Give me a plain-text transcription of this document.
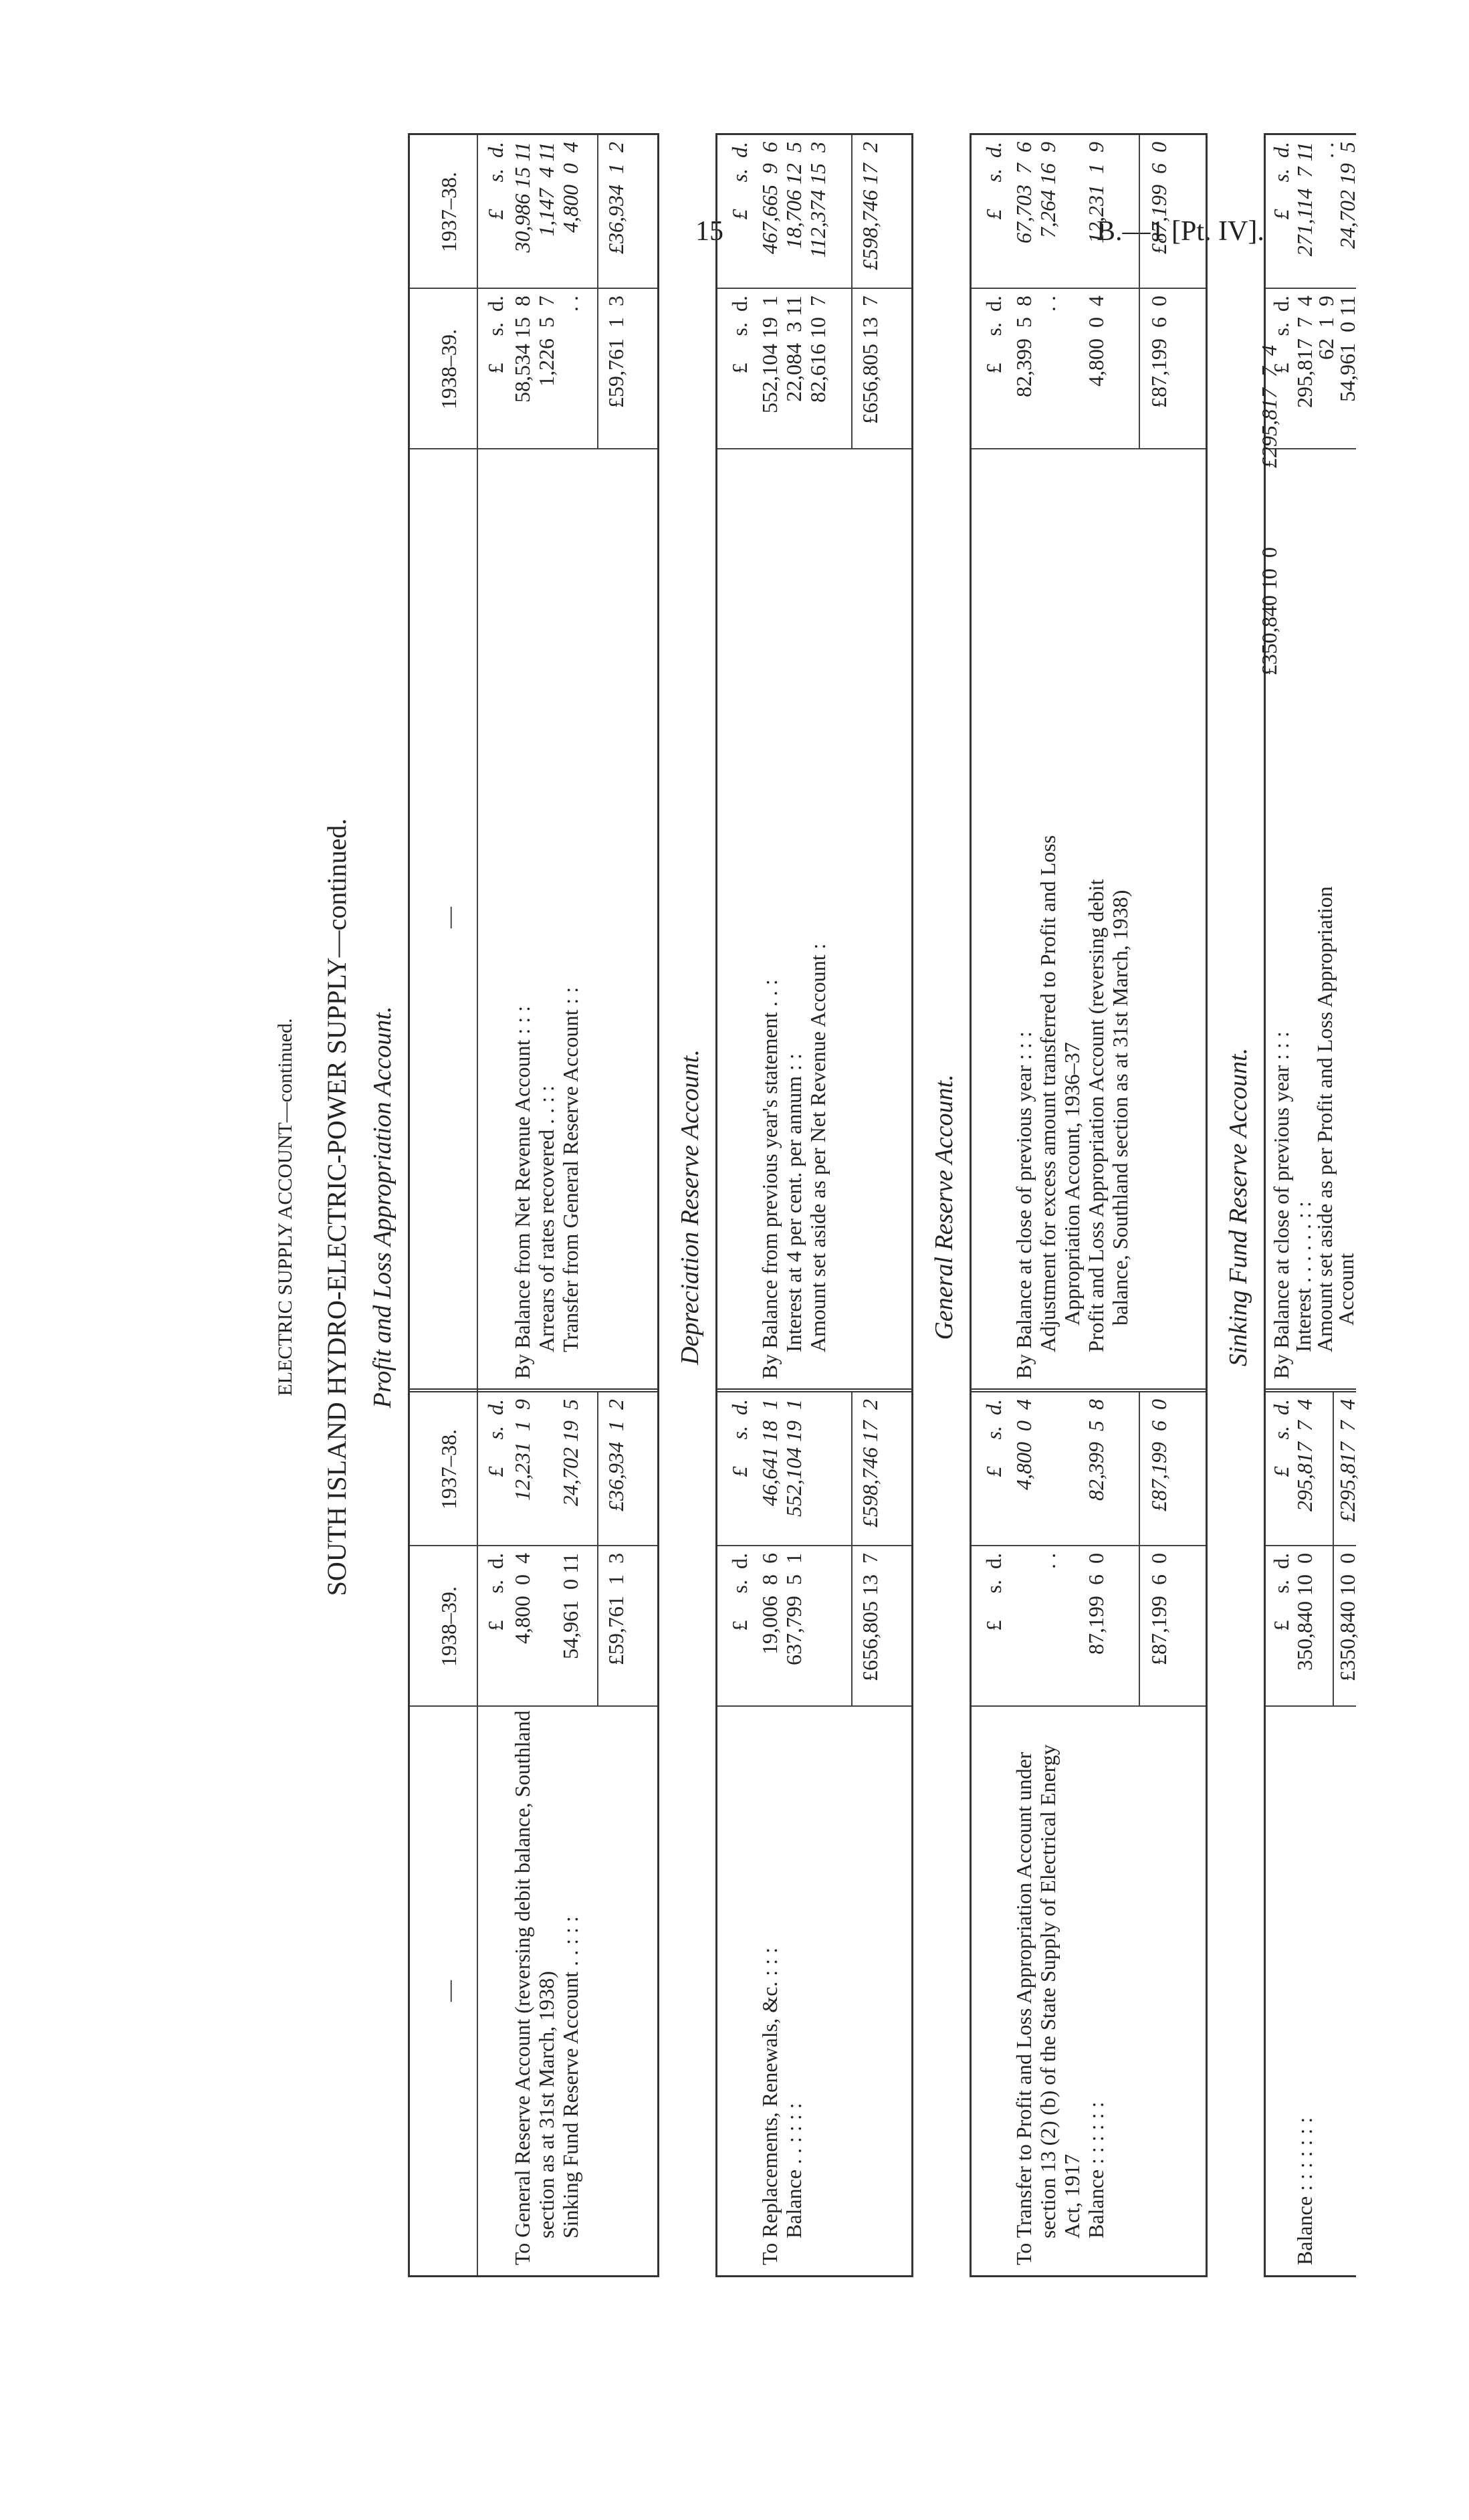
15	B.—1 [Pt. IV].
ELECTRIC SUPPLY ACCOUNT—continued. SOUTH ISLAND HYDRO-ELECTRIC-POWER SUPPLY—continued. Profit and Loss Appropriation Account.
—
1938–39.
1937–38.
—
1938–39.
1937–38.
£     s.  d.
£     s.  d.
£     s.  d.
£     s.  d.
To General Reserve Account (reversing debit balance, Southland section as at 31st March, 1938)
4,800  0  4
12,231  1  9
Sinking Fund Reserve Account . . : : :
54,961  0 11
24,702 19  5
£59,761  1  3
£36,934  1  2
By Balance from Net Revenue Account : : :
58,534 15  8
30,986 15 11
Arrears of rates recovered . . : :
1,226  5  7
1,147  4 11
Transfer from General Reserve Account : :
. .
4,800  0  4
£59,761  1  3
£36,934  1  2
Depreciation Reserve Account.
£     s.  d.
£     s.  d.
£     s.  d.
£     s.  d.
To Replacements, Renewals, &c. : : :
19,006  8  6
46,641 18  1
Balance . . : : : :
637,799  5  1
552,104 19  1
£656,805 13  7
£598,746 17  2
By Balance from previous year's statement . . :
552,104 19  1
467,665  9  6
Interest at 4 per cent. per annum : :
22,084  3 11
18,706 12  5
Amount set aside as per Net Revenue Account :
82,616 10  7
112,374 15  3
£656,805 13  7
£598,746 17  2
General Reserve Account.
£     s.  d.
£     s.  d.
£     s.  d.
£     s.  d.
To Transfer to Profit and Loss Appropriation Account under section 13 (2) (b) of the State Supply of Electrical Energy Act, 1917
. .
4,800  0  4
Balance : : : : : :
87,199  6  0
82,399  5  8
£87,199  6  0
£87,199  6  0
By Balance at close of previous year : : :
82,399  5  8
67,703  7  6
Adjustment for excess amount transferred to Profit and Loss Appropriation Account, 1936–37
. .
7,264 16  9
Profit and Loss Appropriation Account (reversing debit balance, Southland section as at 31st March, 1938)
4,800  0  4
12,231  1  9
£87,199  6  0
£87,199  6  0
Sinking Fund Reserve Account.
£     s.  d.
£     s.  d.
£     s.  d.
£     s.  d.
Balance : : : : : : :
350,840 10  0
295,817  7  4
£350,840 10  0
£295,817  7  4
By Balance at close of previous year : : :
295,817  7  4
271,114  7 11
Interest . . . . . . : :
62  1  9
. .
Amount set aside as per Profit and Loss Appropriation
Account
54,961  0 11
24,702 19  5
£295,817  7  4
£350,840 10  0
